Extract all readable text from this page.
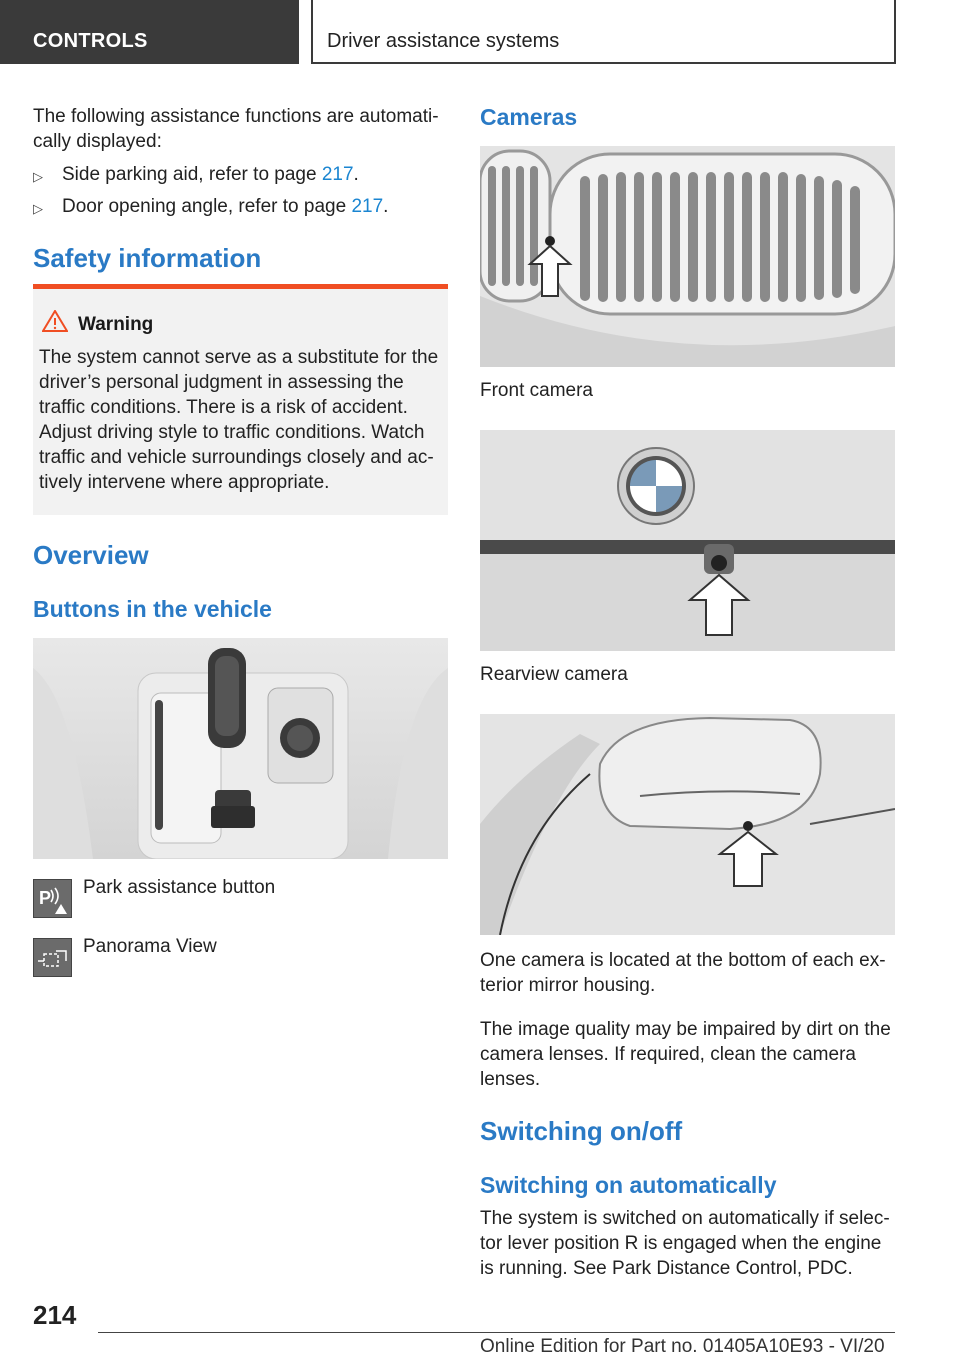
CONTROLS	Driver assistance systems
The following assistance functions are automati-
cally displayed:
▷ Side parking aid, refer to page 217.
▷ Door opening angle, refer to page 217.
Safety information
Warning
The system cannot serve as a substitute for the
driver’s personal judgment in assessing the
traffic conditions. There is a risk of accident.
Adjust driving style to traffic conditions. Watch
traffic and vehicle surroundings closely and ac-
tively intervene where appropriate.
Overview
Buttons in the vehicle
P Park assistance button
Panorama View
Cameras
Front camera
Rearview camera
One camera is located at the bottom of each ex-
terior mirror housing.
The image quality may be impaired by dirt on the
camera lenses. If required, clean the camera
lenses.
Switching on/off
Switching on automatically
The system is switched on automatically if selec-
tor lever position R is engaged when the engine
is running. See Park Distance Control, PDC.
214
Online Edition for Part no. 01405A10E93 - VI/20
